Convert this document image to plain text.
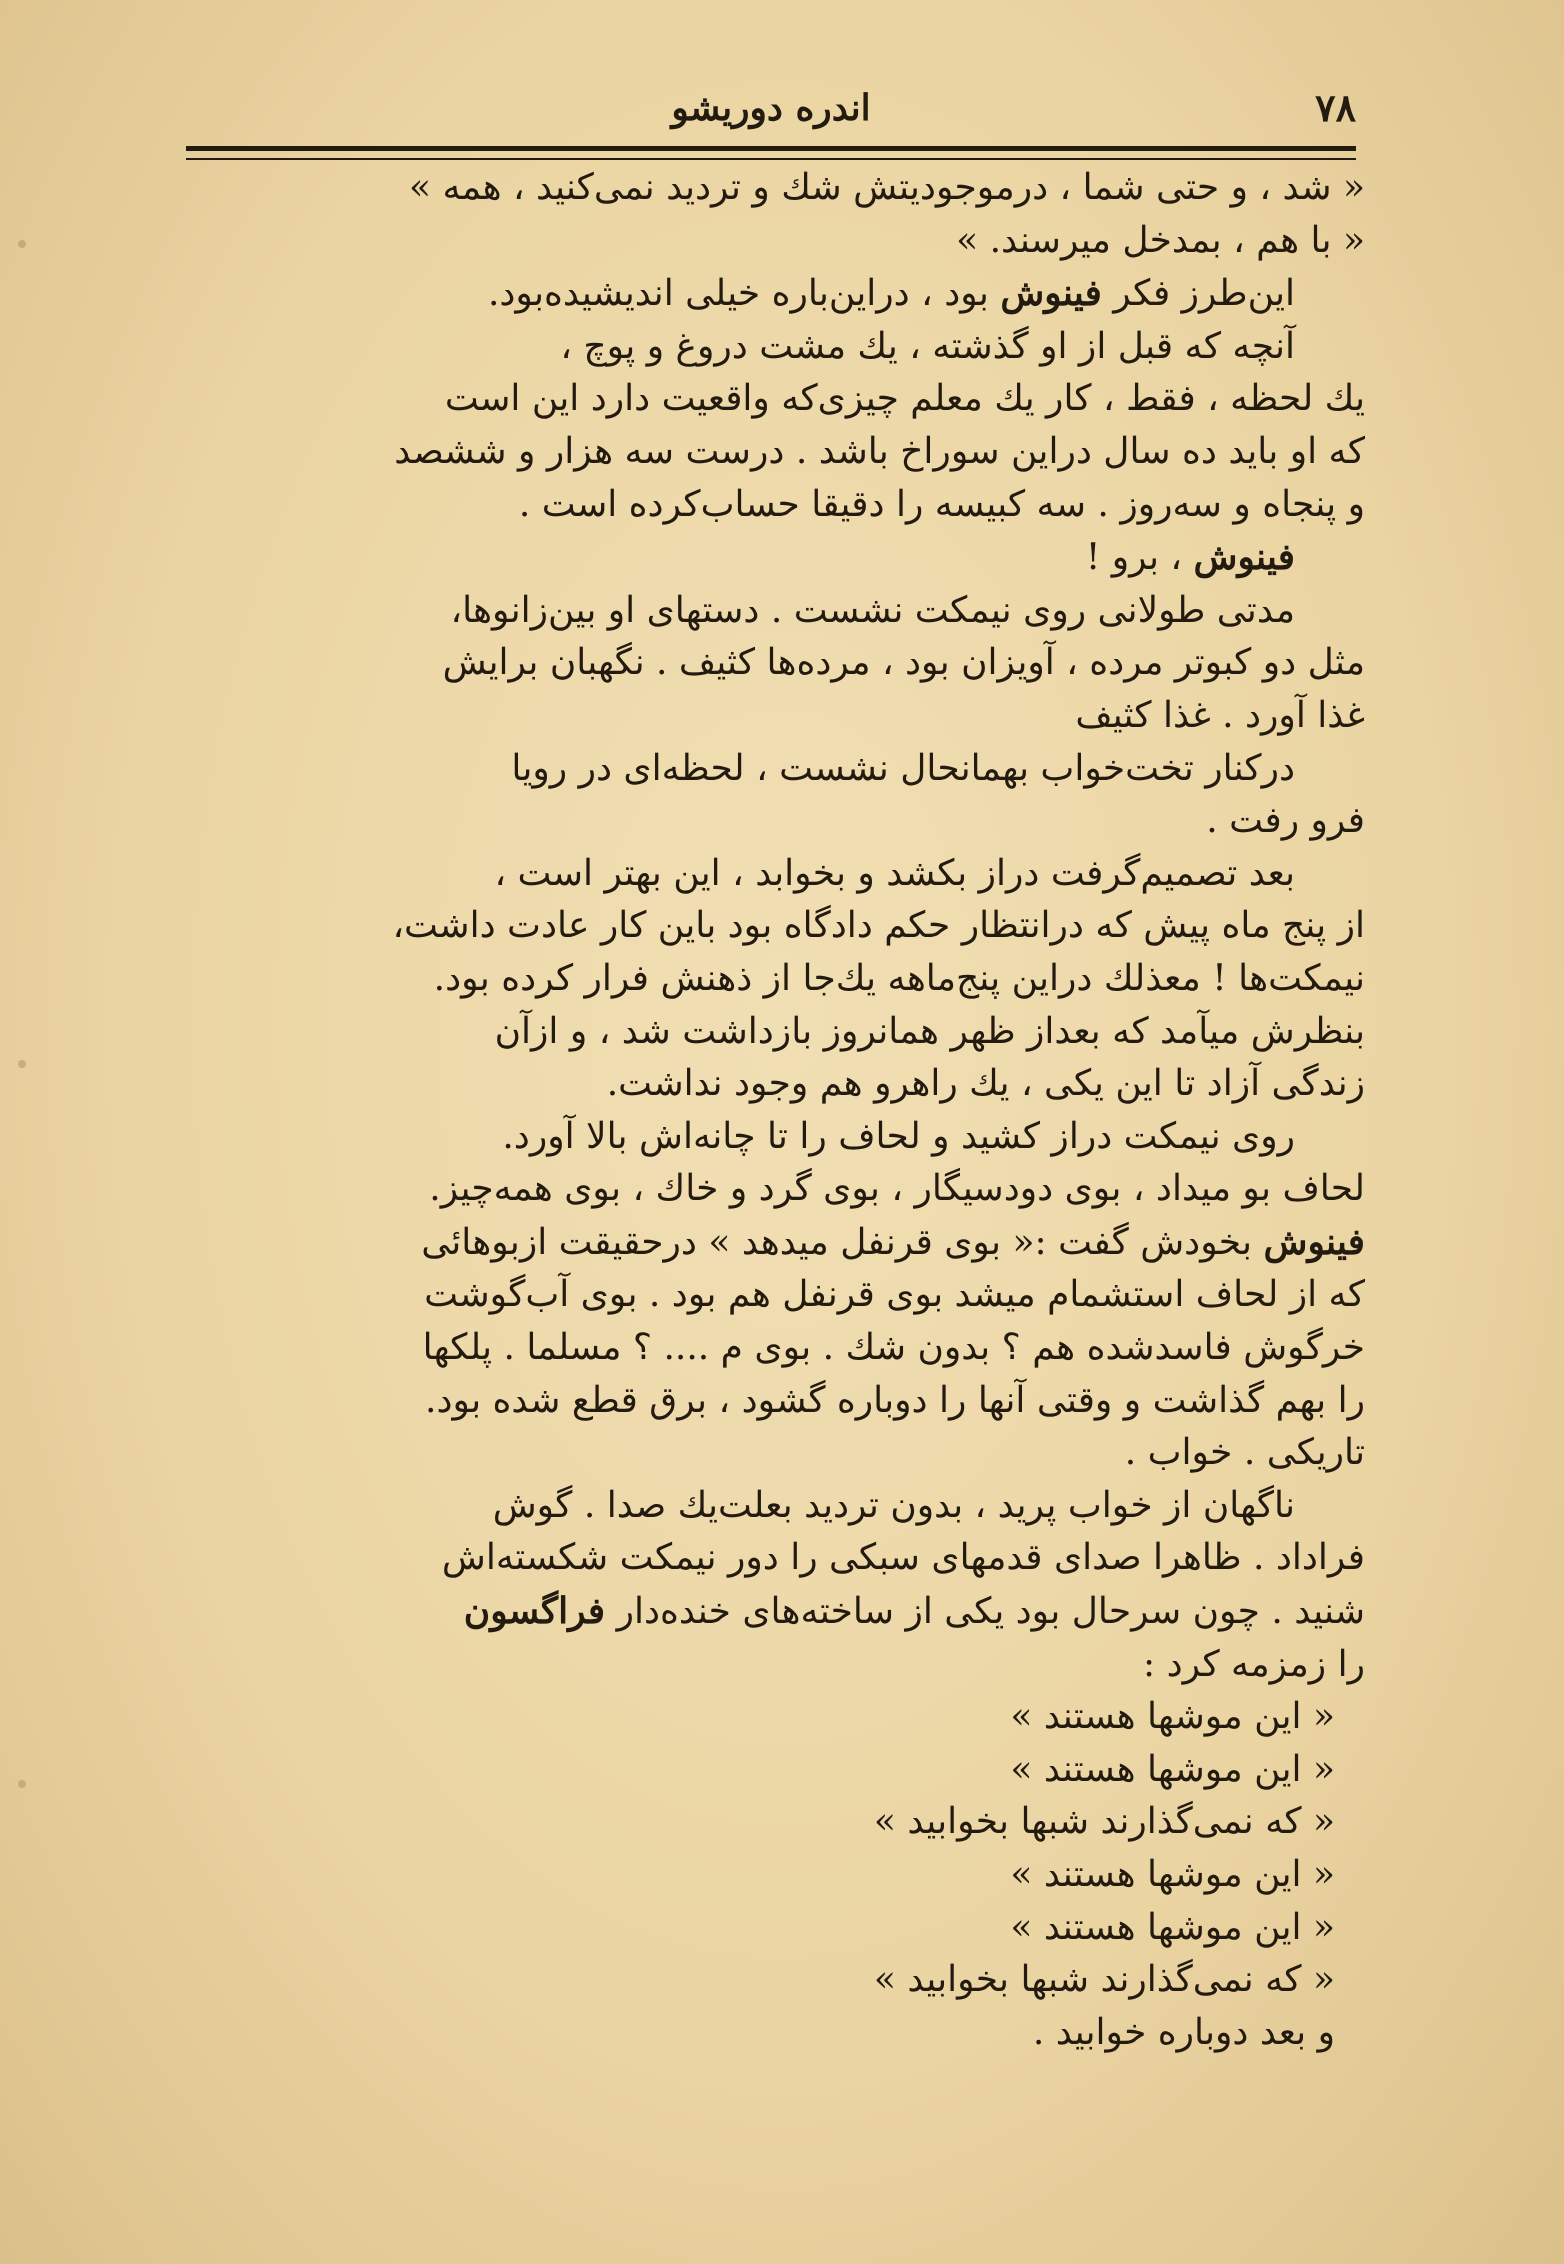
۷۸
اندره دوریشو

« شد ، و حتی شما ، درموجودیتش شك و تردید نمی‌كنید ، همه »
« با هم ، بمدخل میرسند. »

این‌طرز فکر فینوش بود ، دراین‌باره خیلی اندیشیده‌بود.

آنچه که قبل از او گذشته ، یك مشت دروغ و پوچ ،
یك لحظه ، فقط ، کار یك معلم چیزی‌که واقعیت دارد این است
که او باید ده سال دراین سوراخ باشد . درست سه هزار و ششصد
و پنجاه و سه‌روز . سه کبیسه را دقیقا حساب‌کرده است .

فینوش ، برو !

مدتی طولانی روی نیمکت نشست . دستهای او بین‌زانوها،
مثل دو کبوتر مرده ، آویزان بود ، مرده‌ها کثیف . نگهبان برایش
غذا آورد . غذا کثیف

درکنار تخت‌خواب بهمانحال نشست ، لحظه‌ای در رویا
فرو رفت .

بعد تصمیم‌گرفت دراز بکشد و بخوابد ، این بهتر است ،
از پنج ماه پیش که درانتظار حکم دادگاه بود باین کار عادت داشت،
نیمکت‌ها ! معذلك دراین پنج‌ماهه یك‌جا از ذهنش فرار کرده بود.
بنظرش میآمد که بعداز ظهر همانروز بازداشت شد ، و ازآن
زندگی آزاد تا این یکی ، یك راهرو هم وجود نداشت.

روی نیمکت دراز کشید و لحاف را تا چانه‌اش بالا آورد.
لحاف بو میداد ، بوی دودسیگار ، بوی گرد و خاك ، بوی همه‌چیز.

فینوش بخودش گفت :« بوی قرنفل میدهد » درحقیقت ازبوهائی
که از لحاف استشمام میشد بوی قرنفل هم بود . بوی آب‌گوشت
خرگوش فاسدشده هم ؟ بدون شك . بوی م .... ؟ مسلما . پلکها
را بهم گذاشت و وقتی آنها را دوباره گشود ، برق قطع شده بود.
تاریکی . خواب .

ناگهان از خواب پرید ، بدون تردید بعلت‌یك صدا . گوش
فراداد . ظاهرا صدای قدمهای سبکی را دور نیمکت شکسته‌اش
شنید . چون سرحال بود یکی از ساخته‌های خنده‌دار فراگسون
را زمزمه کرد :

« این موشها هستند »
« این موشها هستند »
« که نمی‌گذارند شبها بخوابید »
« این موشها هستند »
« این موشها هستند »
« که نمی‌گذارند شبها بخوابید »

و بعد دوباره خوابید .
